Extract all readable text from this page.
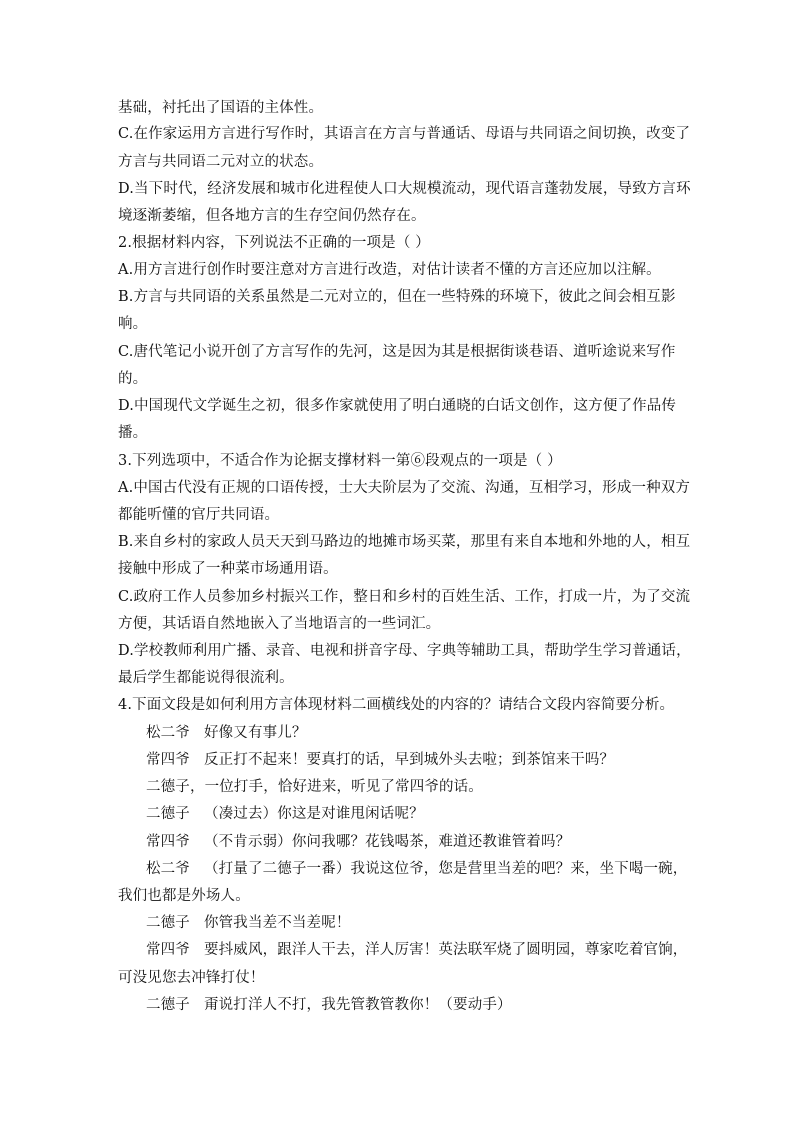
基础，衬托出了国语的主体性。
C.在作家运用方言进行写作时，其语言在方言与普通话、母语与共同语之间切换，改变了
方言与共同语二元对立的状态。
D.当下时代，经济发展和城市化进程使人口大规模流动，现代语言蓬勃发展，导致方言环
境逐渐萎缩，但各地方言的生存空间仍然存在。
2.根据材料内容，下列说法不正确的一项是（ ）
A.用方言进行创作时要注意对方言进行改造，对估计读者不懂的方言还应加以注解。
B.方言与共同语的关系虽然是二元对立的，但在一些特殊的环境下，彼此之间会相互影
响。
C.唐代笔记小说开创了方言写作的先河，这是因为其是根据街谈巷语、道听途说来写作
的。
D.中国现代文学诞生之初，很多作家就使用了明白通晓的白话文创作，这方便了作品传
播。
3.下列选项中，不适合作为论据支撑材料一第⑥段观点的一项是（ ）
A.中国古代没有正规的口语传授，士大夫阶层为了交流、沟通，互相学习，形成一种双方
都能听懂的官厅共同语。
B.来自乡村的家政人员天天到马路边的地摊市场买菜，那里有来自本地和外地的人，相互
接触中形成了一种菜市场通用语。
C.政府工作人员参加乡村振兴工作，整日和乡村的百姓生活、工作，打成一片，为了交流
方便，其话语自然地嵌入了当地语言的一些词汇。
D.学校教师利用广播、录音、电视和拼音字母、字典等辅助工具，帮助学生学习普通话，
最后学生都能说得很流利。
4.下面文段是如何利用方言体现材料二画横线处的内容的？请结合文段内容简要分析。
松二爷 好像又有事儿？
常四爷 反正打不起来！要真打的话，早到城外头去啦；到茶馆来干吗？
二德子，一位打手，恰好进来，听见了常四爷的话。
二德子 （凑过去）你这是对谁甩闲话呢？
常四爷 （不肯示弱）你问我哪？花钱喝茶，难道还教谁管着吗？
松二爷 （打量了二德子一番）我说这位爷，您是营里当差的吧？来，坐下喝一碗，
我们也都是外场人。
二德子 你管我当差不当差呢！
常四爷 要抖威风，跟洋人干去，洋人厉害！英法联军烧了圆明园，尊家吃着官饷，
可没见您去冲锋打仗！
二德子 甭说打洋人不打，我先管教管教你！（要动手）
